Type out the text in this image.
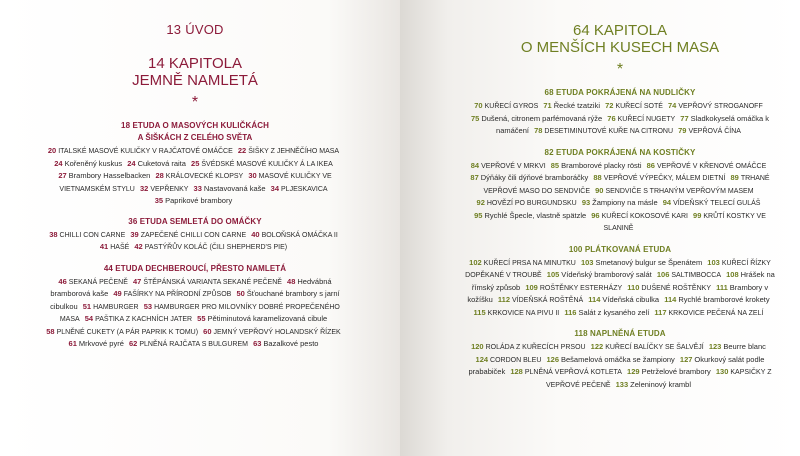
13 ÚVOD
14 KAPITOLA
JEMNĚ NAMLETÁ
*
18 ETUDA O MASOVÝCH KULIČKÁCH
A ŠIŠKÁCH Z CELÉHO SVĚTA
20 ITALSKÉ MASOVÉ KULIČKY V RAJČATOVÉ OMÁČCE 22 ŠIŠKY Z JEHNĚČÍHO MASA 24 Kořeněný kuskus 24 Cuketová raita 25 ŠVÉDSKÉ MASOVÉ KULIČKY Á LA IKEA 27 Brambory Hasselbacken 28 KRÁLOVECKÉ KLOPSY 30 MASOVÉ KULIČKY VE VIETNAMSKÉM STYLU 32 VEPŘENKY 33 Nastavovaná kaše 34 PLJESKAVICA 35 Paprikové brambory
36 ETUDA SEMLETÁ DO OMÁČKY
38 CHILLI CON CARNE 39 ZAPEČENÉ CHILLI CON CARNE 40 BOLOŇSKÁ OMÁČKA II 41 HAŠÉ 42 PASTÝŘŮV KOLÁČ (ČILI SHEPHERD'S PIE)
44 ETUDA DECHBEROUCÍ, PŘESTO NAMLETÁ
46 SEKANÁ PEČENĚ 47 ŠTĚPÁNSKÁ VARIANTA SEKANÉ PEČENĚ 48 Hedvábná bramborová kaše 49 FAŠÍRKY NA PŘÍRODNÍ ZPŮSOB 50 Šťouchané brambory s jarní cibulkou 51 HAMBURGER 53 HAMBURGER PRO MILOVNÍKY DOBRÉ PROPEČENÉHO MASA 54 PAŠTIKA Z KACHNÍCH JATER 55 Pětiminutová karamelizovaná cibule 58 PLNĚNÉ CUKETY (A PÁR PAPRIK K TOMU) 60 JEMNÝ VEPŘOVÝ HOLANDSKÝ ŘÍZEK 61 Mrkvové pyré 62 PLNĚNÁ RAJČATA S BULGUREM 63 Bazalkové pesto
64 KAPITOLA
O MENŠÍCH KUSECH MASA
*
68 ETUDA POKRÁJENÁ NA NUDLIČKY
70 KUŘECÍ GYROS 71 Řecké tzatziki 72 KUŘECÍ SOTÉ 74 VEPŘOVÝ STROGANOFF 75 Dušená, citronem parfémovaná rýže 76 KUŘECÍ NUGETY 77 Sladkokyselá omáčka k namáčení 78 DESETIMINUTOVÉ KUŘE NA CITRONU 79 VEPŘOVÁ ČÍNA
82 ETUDA POKRÁJENÁ NA KOSTIČKY
84 VEPŘOVÉ V MRKVI 85 Bramborové placky rösti 86 VEPŘOVÉ V KŘENOVÉ OMÁČCE 87 Dýňáky čili dýňové bramboráčky 88 VEPŘOVÉ VÝPEČKY, MÁLEM DIETNÍ 89 TRHANÉ VEPŘOVÉ MASO DO SENDVIČE 90 SENDVIČE S TRHANÝM VEPŘOVÝM MASEM 92 HOVĚZÍ PO BURGUNDSKU 93 Žampiony na másle 94 VÍDEŇSKÝ TELECÍ GULÁŠ 95 Rychlé Špecle, vlastně spätzle 96 KUŘECÍ KOKOSOVÉ KARI 99 KRŮTÍ KOSTKY VE SLANINĚ
100 PLÁTKOVANÁ ETUDA
102 KUŘECÍ PRSA NA MINUTKU 103 Smetanový bulgur se Špenátem 103 KUŘECÍ ŘÍZKY DOPĚKANÉ V TROUBĚ 105 Vídeňský bramborový salát 106 SALTIMBOCCA 108 Hrášek na římský způsob 109 ROŠTĚNKY ESTERHÁZY 110 DUŠENÉ ROŠTĚNKY 111 Brambory v kožíšku 112 VÍDEŇSKÁ ROŠTĚNÁ 114 Vídeňská cibulka 114 Rychlé bramborové krokety 115 KRKOVICE NA PIVU II 116 Salát z kysaného zelí 117 KRKOVICE PEČENÁ NA ZELÍ
118 NAPLNĚNÁ ETUDA
120 ROLÁDA Z KUŘECÍCH PRSOU 122 KUŘECÍ BALÍČKY SE ŠALVĚJÍ 123 Beurre blanc 124 CORDON BLEU 126 Bešamelová omáčka se žampiony 127 Okurkový salát podle prababiček 128 PLNĚNÁ VEPŘOVÁ KOTLETA 129 Petrželové brambory 130 KAPSIČKY Z VEPŘOVÉ PEČENĚ 133 Zeleninový krambl
